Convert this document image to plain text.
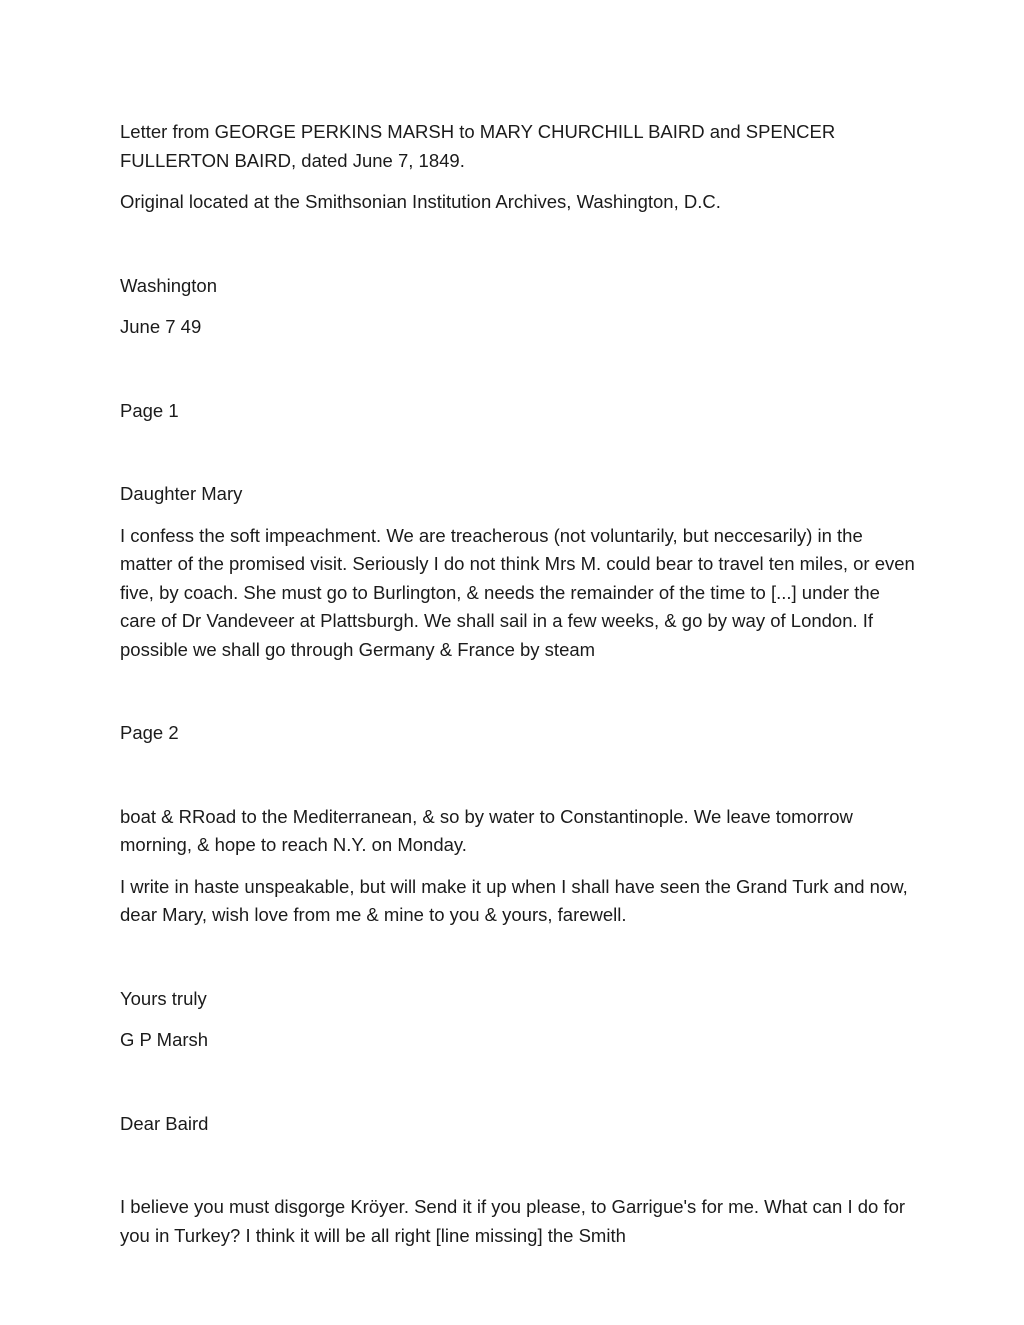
Letter from GEORGE PERKINS MARSH to MARY CHURCHILL BAIRD and SPENCER FULLERTON BAIRD, dated June 7, 1849.

Original located at the Smithsonian Institution Archives, Washington, D.C.

Washington

June 7 49

Page 1

Daughter Mary

I confess the soft impeachment. We are treacherous (not voluntarily, but neccesarily) in the matter of the promised visit. Seriously I do not think Mrs M. could bear to travel ten miles, or even five, by coach. She must go to Burlington, & needs the remainder of the time to [...] under the care of Dr Vandeveer at Plattsburgh. We shall sail in a few weeks, & go by way of London. If possible we shall go through Germany & France by steam

Page 2

boat & RRoad to the Mediterranean, & so by water to Constantinople. We leave tomorrow morning, & hope to reach N.Y. on Monday.

I write in haste unspeakable, but will make it up when I shall have seen the Grand Turk and now, dear Mary, wish love from me & mine to you & yours, farewell.

Yours truly

G P Marsh

Dear Baird

I believe you must disgorge Kröyer. Send it if you please, to Garrigue's for me. What can I do for you in Turkey? I think it will be all right [line missing] the Smith
